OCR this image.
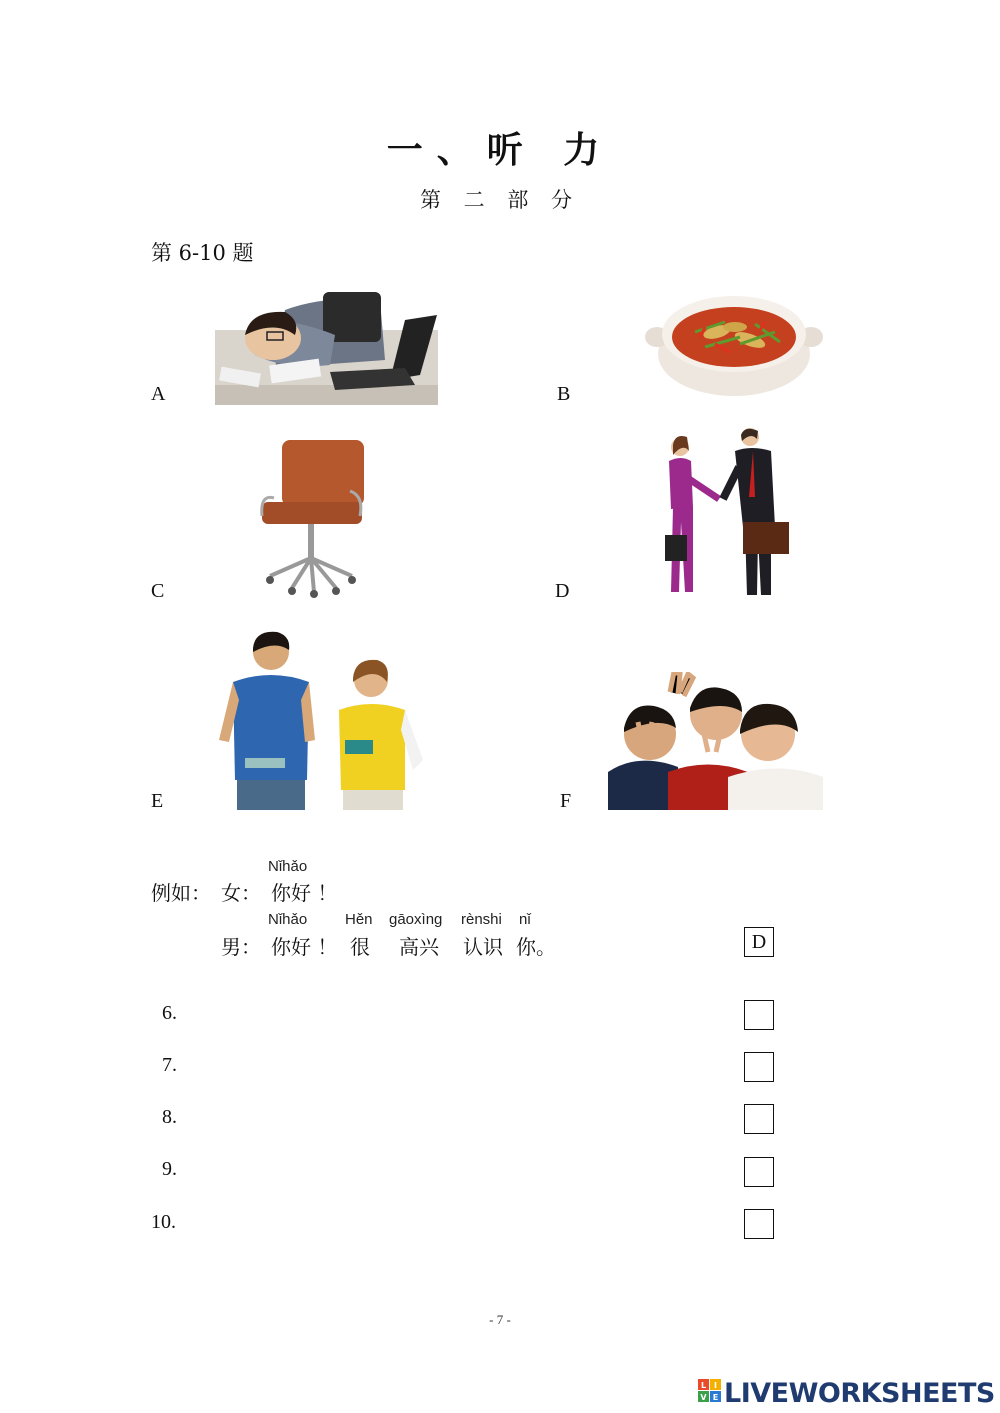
一、听 力
第 二 部 分
第 6-10 题
A	B
C	D
E	F
Nǐhǎo
例如： 女： 你好 ！
Nǐhǎo	Hěn gāoxìng rènshi nǐ
男： 你好 ！ 很 高兴 认识 你。	D
6.
7.
8.
9.
10.
- 7 -
L I
V E LIVEWORKSHEETS
